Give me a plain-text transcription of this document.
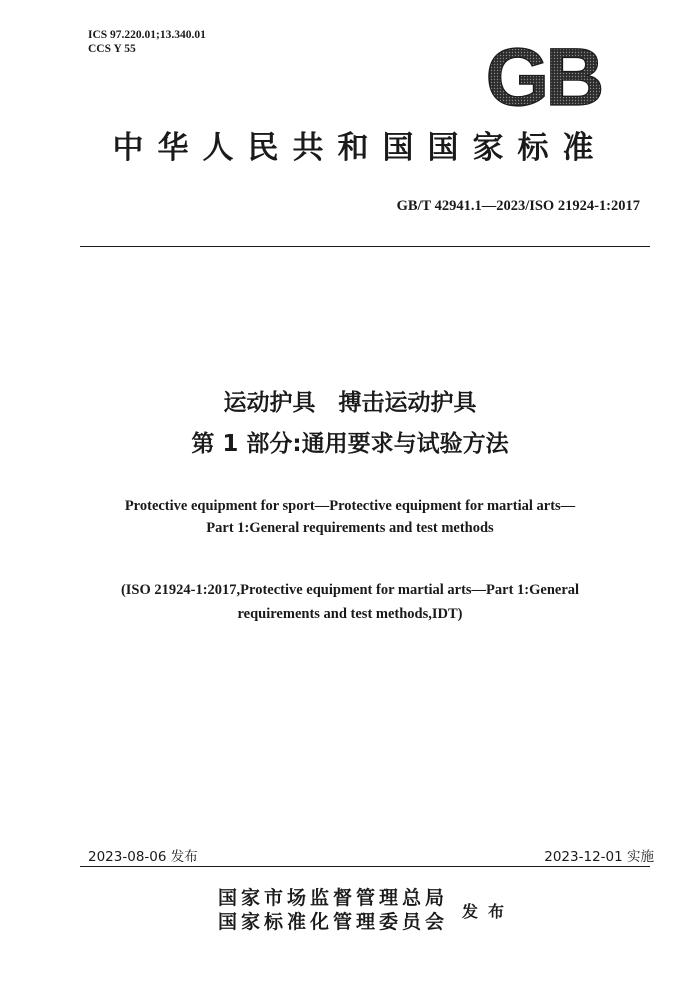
ICS 97.220.01;13.340.01
CCS Y 55	GB
中华人民共和国国家标准
GB/T 42941.1—2023/ISO 21924-1:2017
运动护具　搏击运动护具
第 1 部分:通用要求与试验方法
Protective equipment for sport—Protective equipment for martial arts—
Part 1:General requirements and test methods
(ISO 21924-1:2017,Protective equipment for martial arts—Part 1:General
requirements and test methods,IDT)
2023-08-06 发布	2023-12-01 实施
国家市场监督管理总局
国家标准化管理委员会 发布
